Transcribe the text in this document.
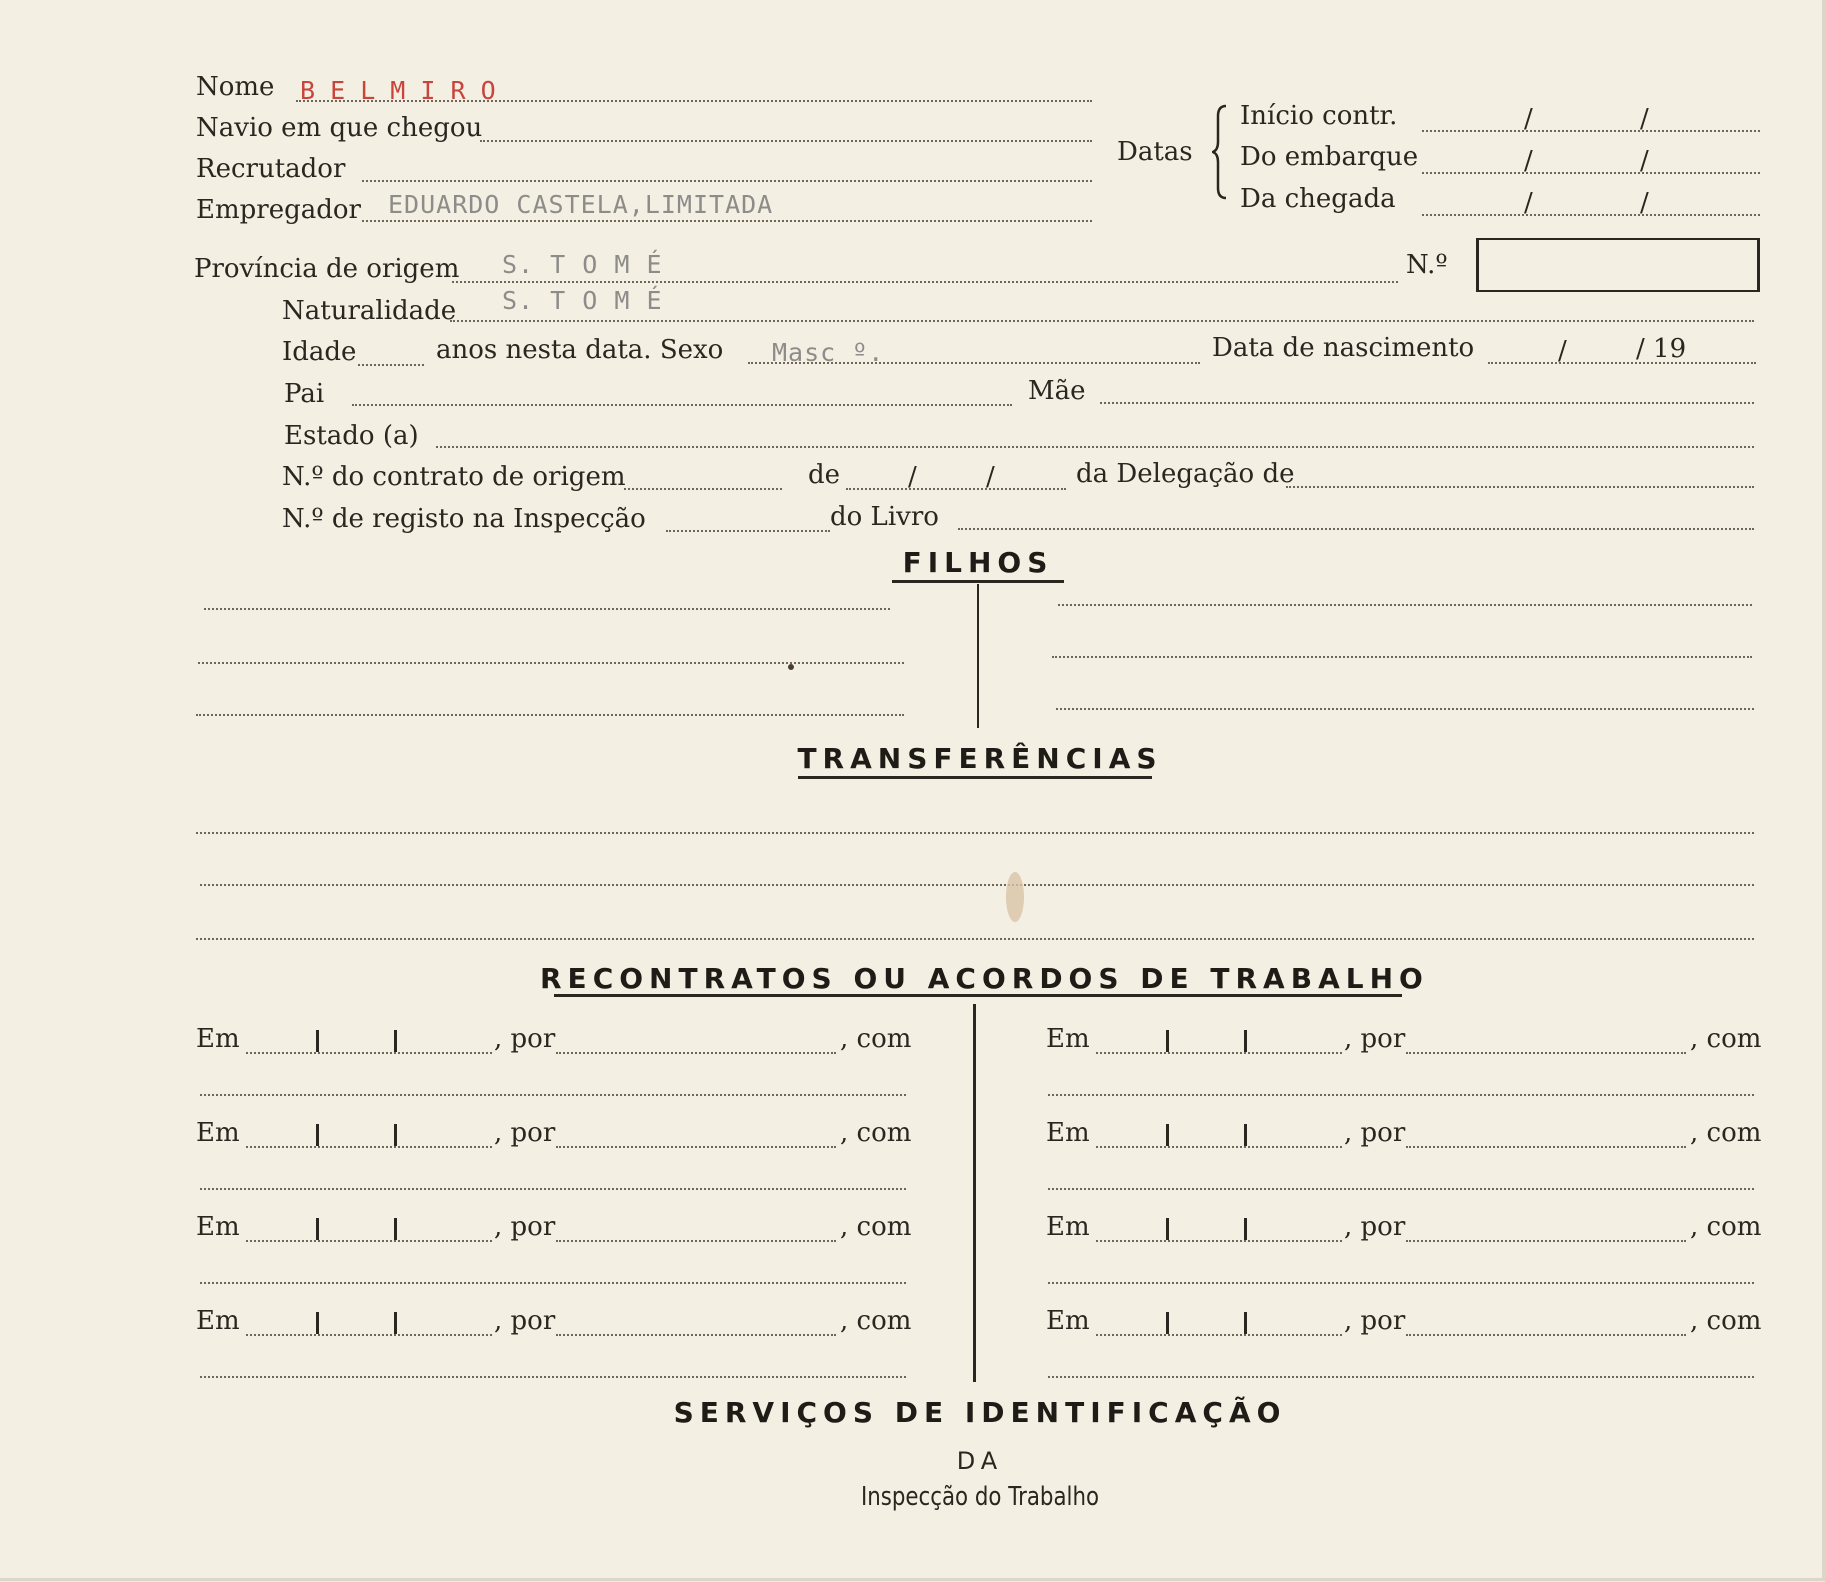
Nome B E L M I R O
Navio em que chegou
Recrutador
Empregador EDUARDO CASTELA,LIMITADA
Datas
Início contr.	/	/
Do embarque	/	/
Da chegada	/	/
Província de origem S. T O M É	N.º
Naturalidade S. T O M É
Idade	anos nesta data. Sexo Masc º.	Data de nascimento	/	/ 19
Pai	Mãe
Estado (a)
N.º do contrato de origem	de	/	/	da Delegação de
N.º de registo na Inspecção	do Livro
FILHOS
TRANSFERÊNCIAS
RECONTRATOS OU ACORDOS DE TRABALHO
SERVIÇOS DE IDENTIFICAÇÃO
DA
Inspecção do Trabalho
Em	, por	, com
Em	, por	, com
Em	, por	, com
Em	, por	, com
Em	, por	, com
Em	, por	, com
Em	, por	, com
Em	, por	, com
